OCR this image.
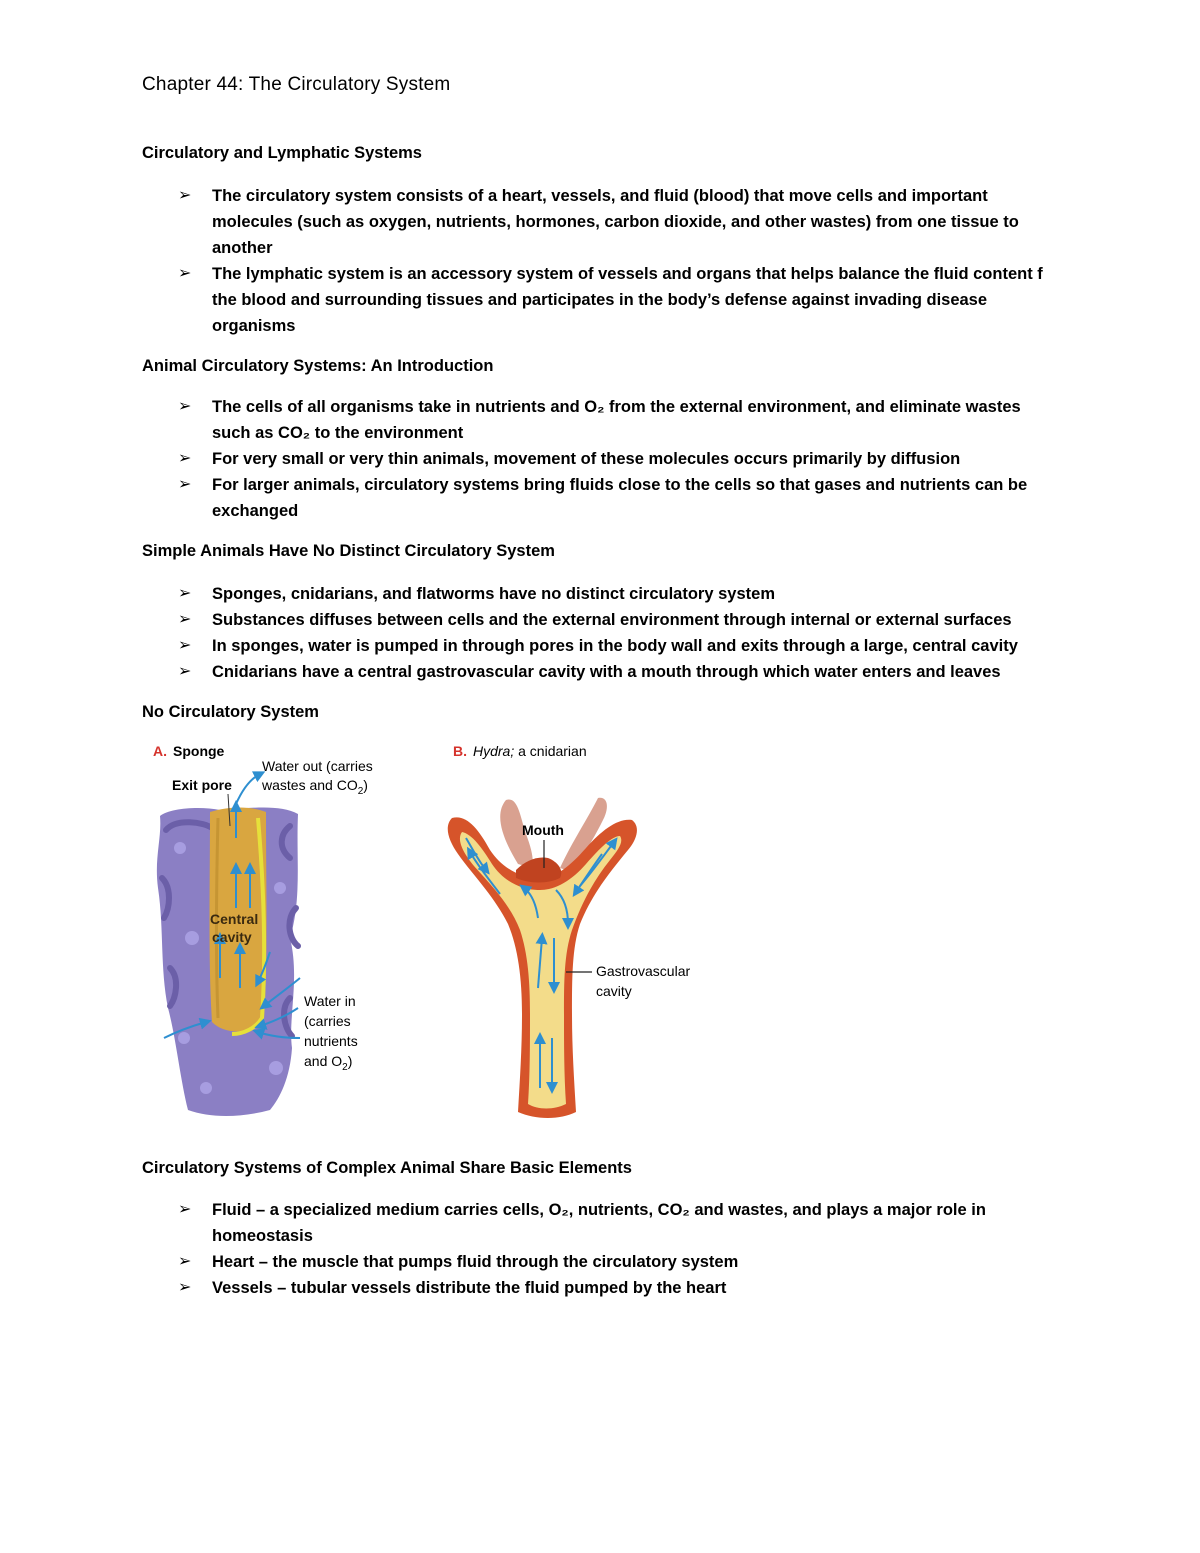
Chapter 44: The Circulatory System
Circulatory and Lymphatic Systems
➢ The circulatory system consists of a heart, vessels, and fluid (blood) that move cells and important molecules (such as oxygen, nutrients, hormones, carbon dioxide, and other wastes) from one tissue to another
➢ The lymphatic system is an accessory system of vessels and organs that helps balance the fluid content f the blood and surrounding tissues and participates in the body’s defense against invading disease organisms
Animal Circulatory Systems: An Introduction
➢ The cells of all organisms take in nutrients and O₂ from the external environment, and eliminate wastes such as CO₂ to the environment
➢ For very small or very thin animals, movement of these molecules occurs primarily by diffusion
➢ For larger animals, circulatory systems bring fluids close to the cells so that gases and nutrients can be exchanged
Simple Animals Have No Distinct Circulatory System
➢ Sponges, cnidarians, and flatworms have no distinct circulatory system
➢ Substances diffuses between cells and the external environment through internal or external surfaces
➢ In sponges, water is pumped in through pores in the body wall and exits through a large, central cavity
➢ Cnidarians have a central gastrovascular cavity with a mouth through which water enters and leaves
No Circulatory System
A. Sponge
Exit pore
Water out (carries
wastes and $CO_2$)
Central
cavity
Water in
(carries
nutrients
and $O_2$)
B. Hydra; a cnidarian
Mouth
Gastrovascular
cavity
Circulatory Systems of Complex Animal Share Basic Elements
➢ Fluid – a specialized medium carries cells, O₂, nutrients, CO₂ and wastes, and plays a major role in homeostasis
➢ Heart – the muscle that pumps fluid through the circulatory system
➢ Vessels – tubular vessels distribute the fluid pumped by the heart
